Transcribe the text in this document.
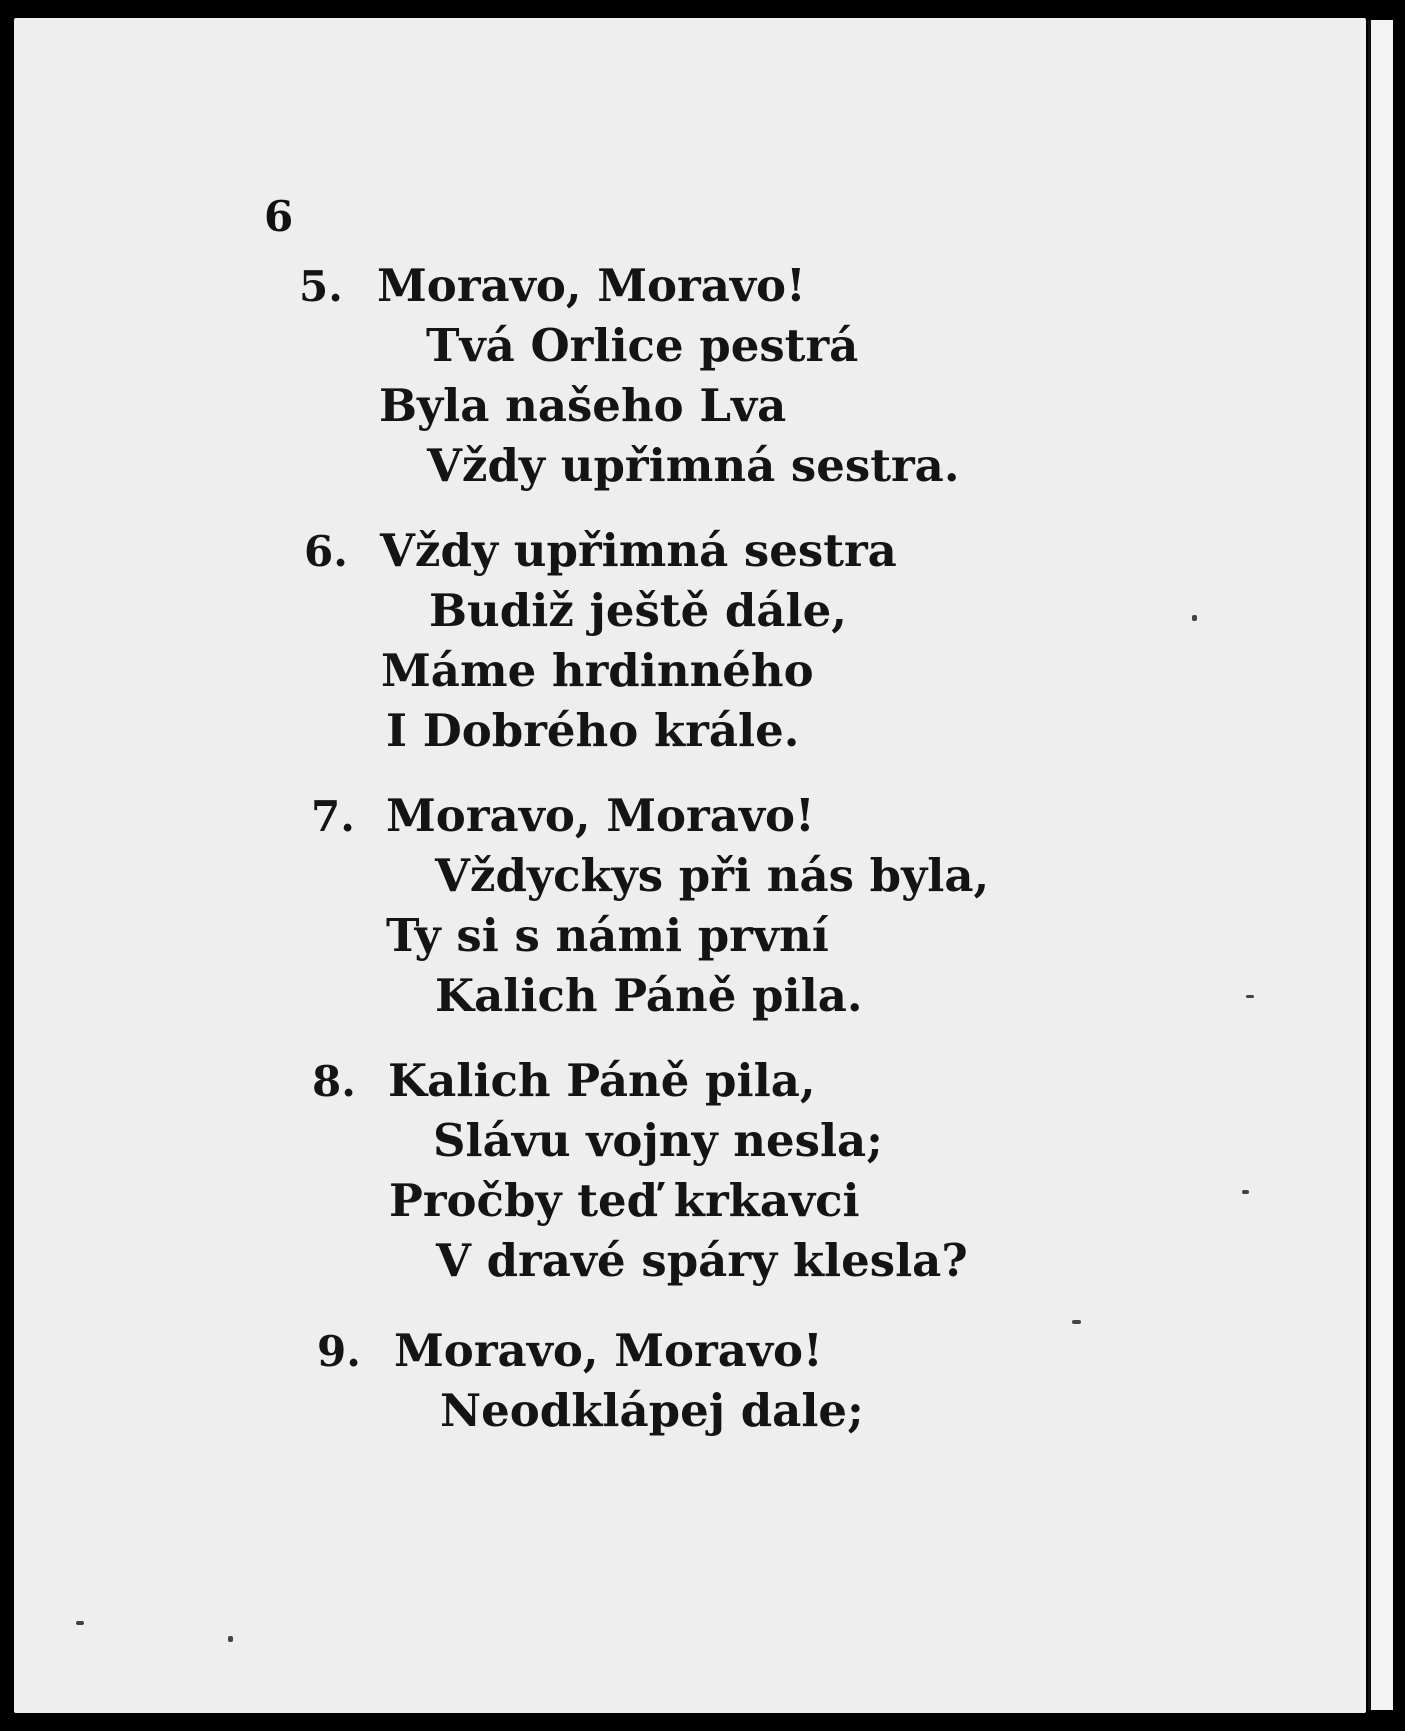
6
5. Moravo, Moravo!
Tvá Orlice pestrá
Byla našeho Lva
Vždy upřimná sestra.
6. Vždy upřimná sestra
Budiž ještě dále,
Máme hrdinného
I Dobrého krále.
7. Moravo, Moravo!
Vždyckys při nás byla,
Ty si s námi první
Kalich Páně pila.
8. Kalich Páně pila,
Slávu vojny nesla;
Pročby teď krkavci
V dravé spáry klesla?
9. Moravo, Moravo!
Neodklápej dale;
